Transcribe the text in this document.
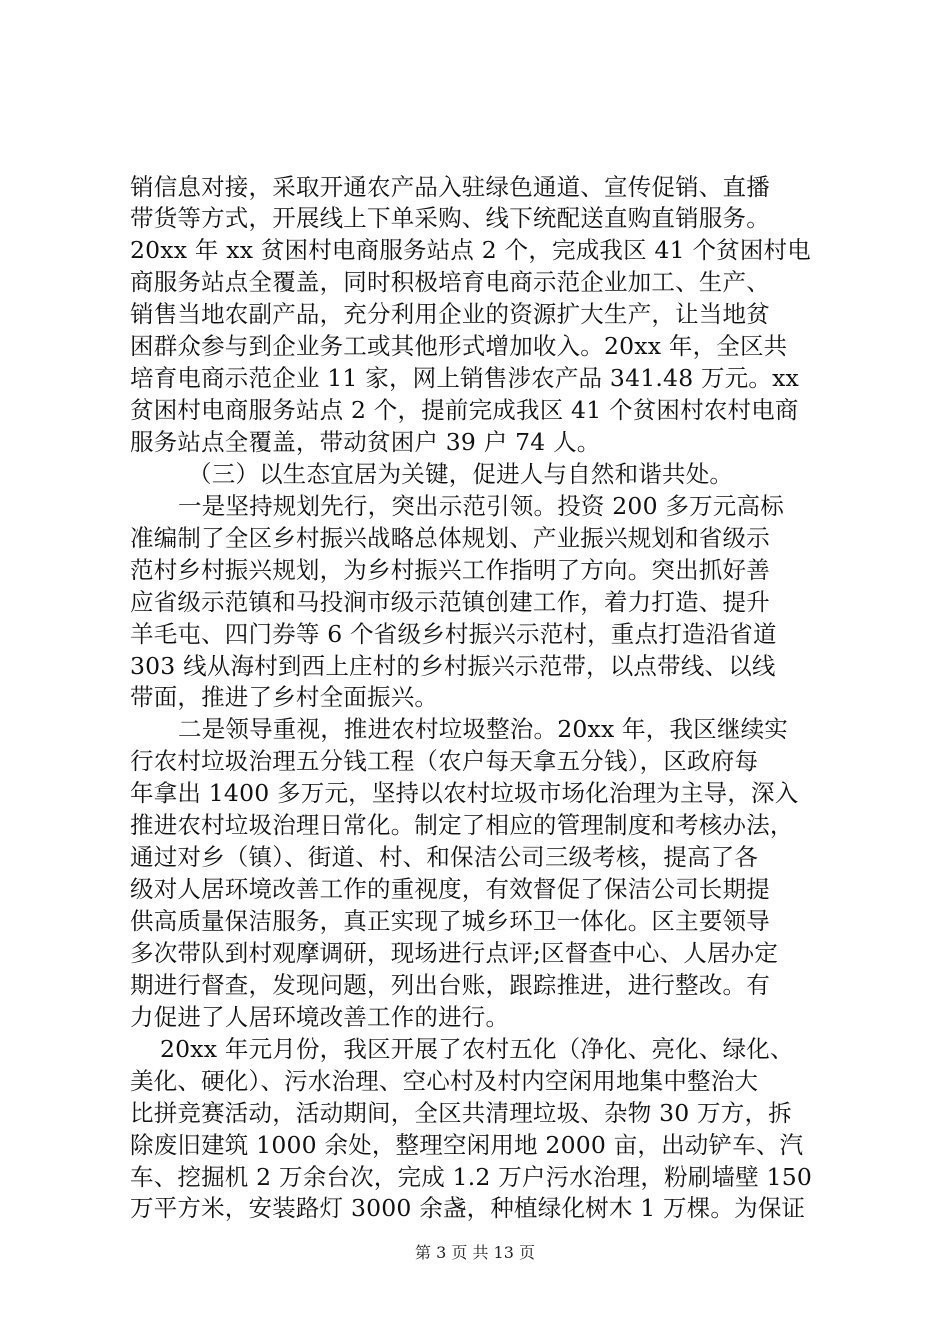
销信息对接，采取开通农产品入驻绿色通道、宣传促销、直播
带货等方式，开展线上下单采购、线下统配送直购直销服务。
20xx 年 xx 贫困村电商服务站点 2 个，完成我区 41 个贫困村电
商服务站点全覆盖，同时积极培育电商示范企业加工、生产、
销售当地农副产品，充分利用企业的资源扩大生产，让当地贫
困群众参与到企业务工或其他形式增加收入。20xx 年，全区共
培育电商示范企业 11 家，网上销售涉农产品 341.48 万元。xx
贫困村电商服务站点 2 个，提前完成我区 41 个贫困村农村电商
服务站点全覆盖，带动贫困户 39 户 74 人。
（三）以生态宜居为关键，促进人与自然和谐共处。
一是坚持规划先行，突出示范引领。投资 200 多万元高标
准编制了全区乡村振兴战略总体规划、产业振兴规划和省级示
范村乡村振兴规划，为乡村振兴工作指明了方向。突出抓好善
应省级示范镇和马投涧市级示范镇创建工作，着力打造、提升
羊毛屯、四门券等 6 个省级乡村振兴示范村，重点打造沿省道
303 线从海村到西上庄村的乡村振兴示范带，以点带线、以线
带面，推进了乡村全面振兴。
二是领导重视，推进农村垃圾整治。20xx 年，我区继续实
行农村垃圾治理五分钱工程（农户每天拿五分钱），区政府每
年拿出 1400 多万元，坚持以农村垃圾市场化治理为主导，深入
推进农村垃圾治理日常化。制定了相应的管理制度和考核办法，
通过对乡（镇）、街道、村、和保洁公司三级考核，提高了各
级对人居环境改善工作的重视度，有效督促了保洁公司长期提
供高质量保洁服务，真正实现了城乡环卫一体化。区主要领导
多次带队到村观摩调研，现场进行点评;区督查中心、人居办定
期进行督查，发现问题，列出台账，跟踪推进，进行整改。有
力促进了人居环境改善工作的进行。
20xx 年元月份，我区开展了农村五化（净化、亮化、绿化、
美化、硬化）、污水治理、空心村及村内空闲用地集中整治大
比拼竞赛活动，活动期间，全区共清理垃圾、杂物 30 万方，拆
除废旧建筑 1000 余处，整理空闲用地 2000 亩，出动铲车、汽
车、挖掘机 2 万余台次，完成 1.2 万户污水治理，粉刷墙壁 150
万平方米，安装路灯 3000 余盏，种植绿化树木 1 万棵。为保证
第 3 页 共 13 页
